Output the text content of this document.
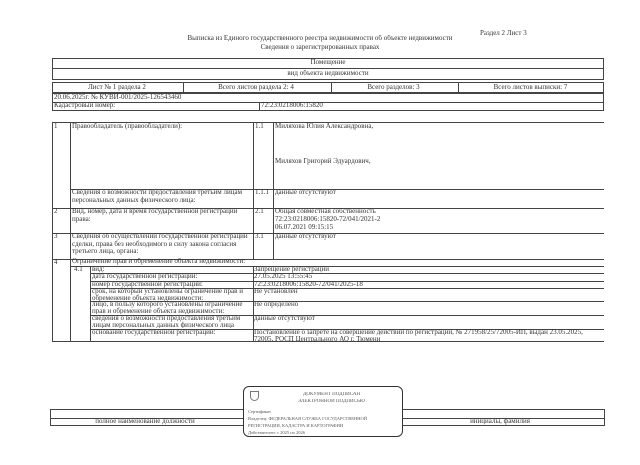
Раздел 2 Лист 3
Выписка из Единого государственного реестра недвижимости об объекте недвижимости
Сведения о зарегистрированных правах
Помещение
вид объекта недвижимости
Лист № 1 раздела 2	Всего листов раздела 2: 4	Всего разделов: 3	Всего листов выписки: 7
20.06.2025г. № КУВИ-001/2025-126543460
Кадастровый номер:	72:23:0218006:15820
1 Правообладатель (правообладатели):	1.1 Миляхова Юлия Александровна,
Миляхов Григорий Эдуардович,
Сведения о возможности предоставления третьим лицам персональных данных физического лица:
1.1.1 данные отсутствуют
2 Вид, номер, дата и время государственной регистрации права:
2.1 Общая совместная собственность
72:23:0218006:15820-72/041/2021-2
06.07.2021 09:15:15
3 Сведения об осуществлении государственной регистрации сделки, права без необходимого в силу закона согласия третьего лица, органа:
3.1 данные отсутствуют
4 Ограничение прав и обременение объекта недвижимости:
4.1 вид:	Запрещение регистрации
дата государственной регистрации:	27.05.2025 13:55:45
номер государственной регистрации:	72:23:0218006:15820-72/041/2025-18
срок, на который установлены ограничение прав и обременение объекта недвижимости:
Не установлен
лицо, в пользу которого установлены ограничение прав и обременение объекта недвижимости:
Не определено
сведения о возможности предоставления третьим лицам персональных данных физического лица
данные отсутствуют
основание государственной регистрации:	Постановление о запрете на совершение действий по регистрации, № 271958/25/72005-ИП, выдан 23.05.2025, 72005, РОСП Центрального АО г. Тюмени
полное наименование должности	инициалы, фамилия
ДОКУМЕНТ ПОДПИСАН
ЭЛЕКТРОННОЙ ПОДПИСЬЮ
Сертификат
Владелец: ФЕДЕРАЛЬНАЯ СЛУЖБА ГОСУДАРСТВЕННОЙ
РЕГИСТРАЦИИ, КАДАСТРА И КАРТОГРАФИИ
Действителен: с 2025 по 2026
